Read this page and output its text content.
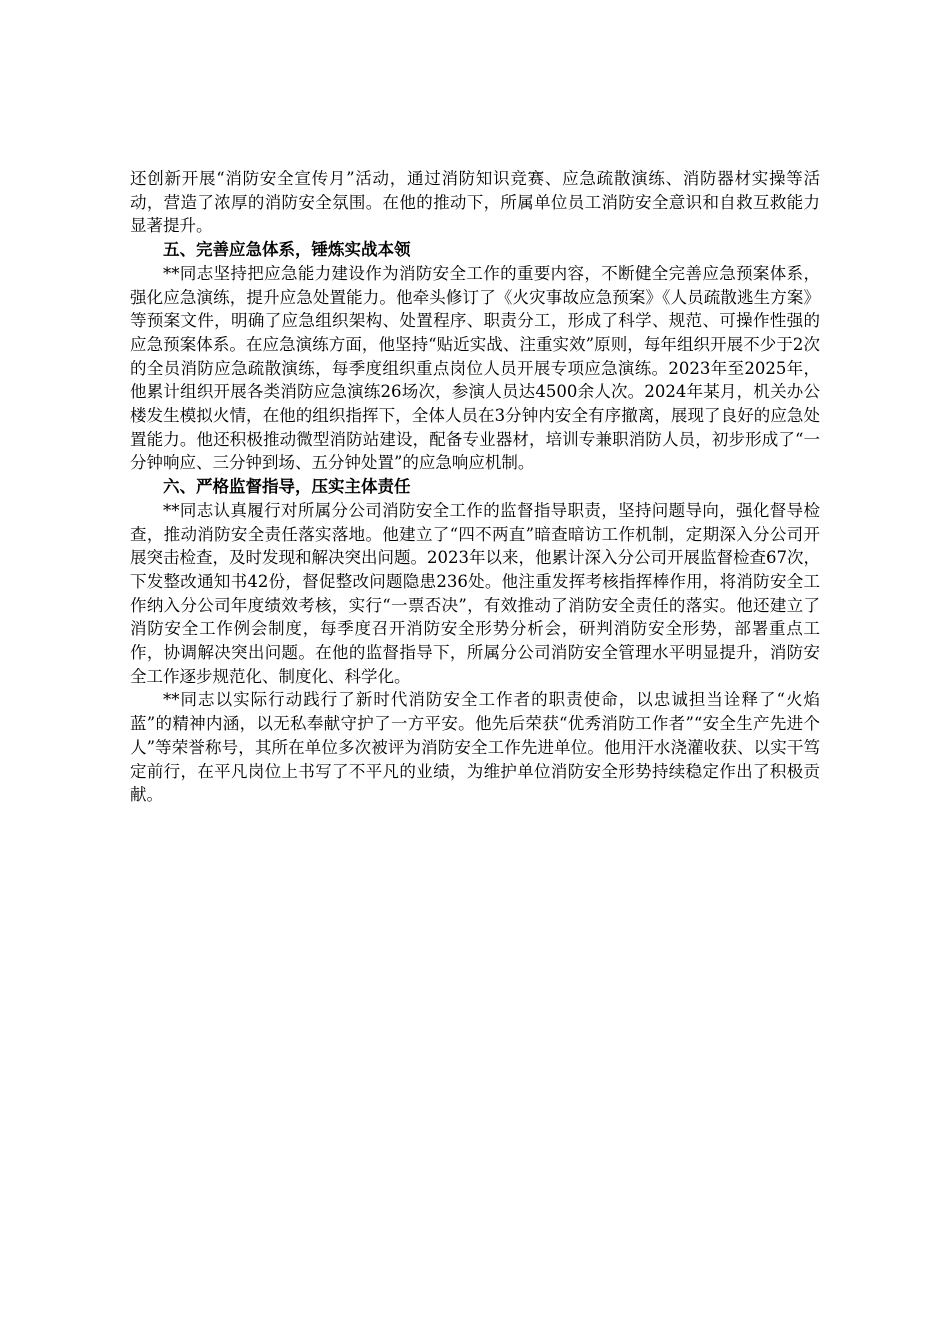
还创新开展“消防安全宣传月”活动，通过消防知识竞赛、应急疏散演练、消防器材实操等活动，营造了浓厚的消防安全氛围。在他的推动下，所属单位员工消防安全意识和自救互救能力显著提升。

五、完善应急体系，锤炼实战本领

**同志坚持把应急能力建设作为消防安全工作的重要内容，不断健全完善应急预案体系，强化应急演练，提升应急处置能力。他牵头修订了《火灾事故应急预案》《人员疏散逃生方案》等预案文件，明确了应急组织架构、处置程序、职责分工，形成了科学、规范、可操作性强的应急预案体系。在应急演练方面，他坚持“贴近实战、注重实效”原则，每年组织开展不少于2次的全员消防应急疏散演练，每季度组织重点岗位人员开展专项应急演练。2023年至2025年，他累计组织开展各类消防应急演练26场次，参演人员达4500余人次。2024年某月，机关办公楼发生模拟火情，在他的组织指挥下，全体人员在3分钟内安全有序撤离，展现了良好的应急处置能力。他还积极推动微型消防站建设，配备专业器材，培训专兼职消防人员，初步形成了“一分钟响应、三分钟到场、五分钟处置”的应急响应机制。

六、严格监督指导，压实主体责任

**同志认真履行对所属分公司消防安全工作的监督指导职责，坚持问题导向，强化督导检查，推动消防安全责任落实落地。他建立了“四不两直”暗查暗访工作机制，定期深入分公司开展突击检查，及时发现和解决突出问题。2023年以来，他累计深入分公司开展监督检查67次，下发整改通知书42份，督促整改问题隐患236处。他注重发挥考核指挥棒作用，将消防安全工作纳入分公司年度绩效考核，实行“一票否决”，有效推动了消防安全责任的落实。他还建立了消防安全工作例会制度，每季度召开消防安全形势分析会，研判消防安全形势，部署重点工作，协调解决突出问题。在他的监督指导下，所属分公司消防安全管理水平明显提升，消防安全工作逐步规范化、制度化、科学化。

**同志以实际行动践行了新时代消防安全工作者的职责使命，以忠诚担当诠释了“火焰蓝”的精神内涵，以无私奉献守护了一方平安。他先后荣获“优秀消防工作者”“安全生产先进个人”等荣誉称号，其所在单位多次被评为消防安全工作先进单位。他用汗水浇灌收获、以实干笃定前行，在平凡岗位上书写了不平凡的业绩，为维护单位消防安全形势持续稳定作出了积极贡献。
